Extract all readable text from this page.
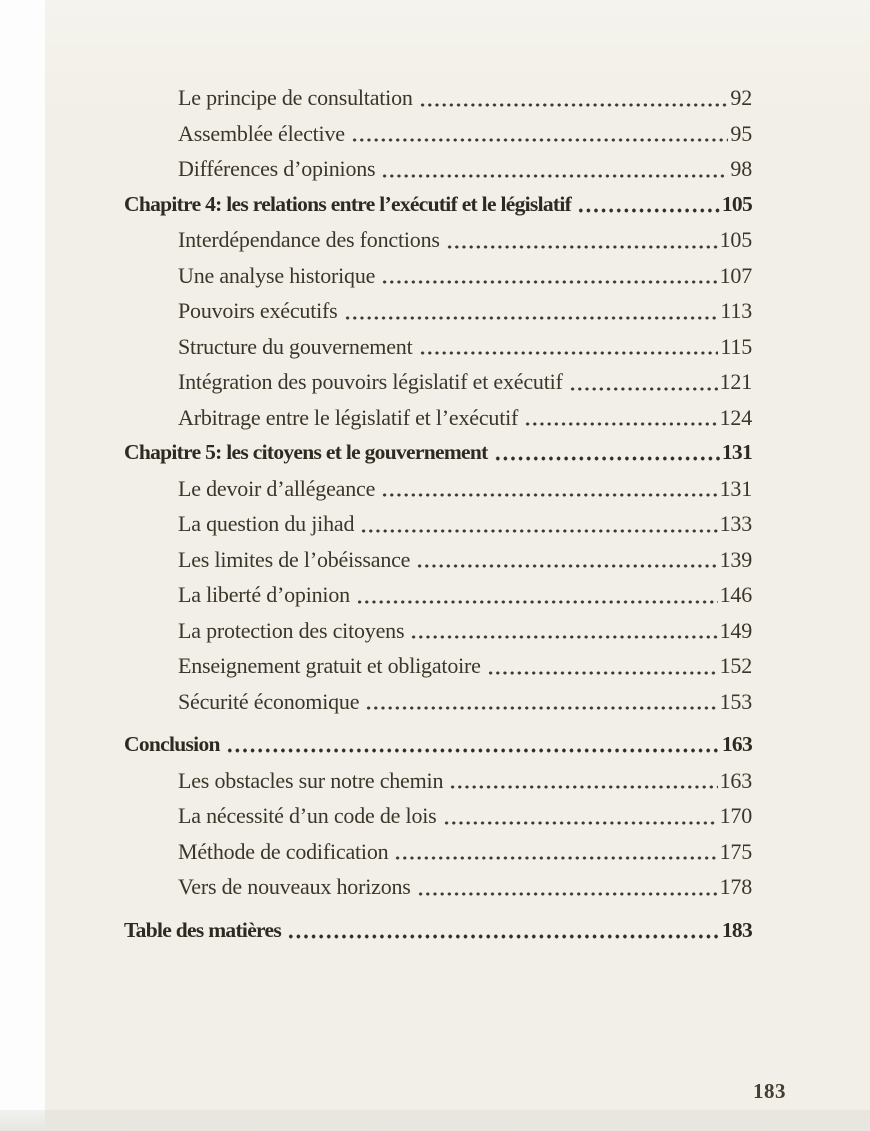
Le principe de consultation	92
Assemblée élective	95
Différences d’opinions	98
Chapitre 4: les relations entre l’exécutif et le législatif	105
Interdépendance des fonctions	105
Une analyse historique	107
Pouvoirs exécutifs	113
Structure du gouvernement	115
Intégration des pouvoirs législatif et exécutif	121
Arbitrage entre le législatif et l’exécutif	124
Chapitre 5: les citoyens et le gouvernement	131
Le devoir d’allégeance	131
La question du jihad	133
Les limites de l’obéissance	139
La liberté d’opinion	146
La protection des citoyens	149
Enseignement gratuit et obligatoire	152
Sécurité économique	153
Conclusion	163
Les obstacles sur notre chemin	163
La nécessité d’un code de lois	170
Méthode de codification	175
Vers de nouveaux horizons	178
Table des matières	183
183
